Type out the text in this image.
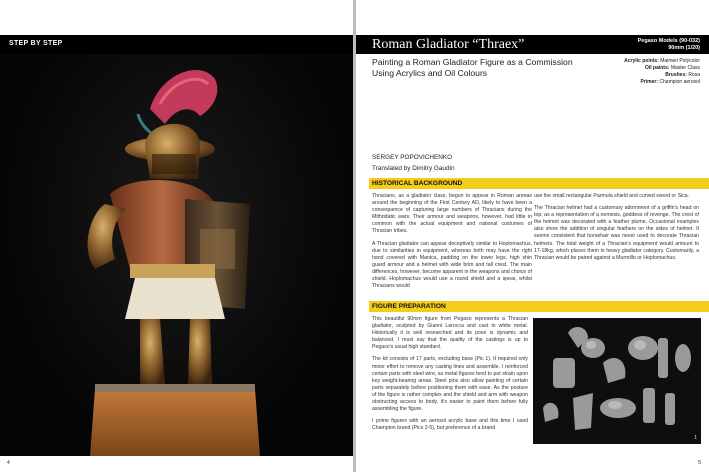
STEP BY STEP
4
Roman Gladiator “Thraex”	Pegaso Models (90-032)
90mm (1/20)
Painting a Roman Gladiator Figure as a Commission Using Acrylics and Oil Colours
Acrylic points: Maimeri Polycolor
Oil paints: Master Class
Brushes: Rosa
Primer: Champion aerosol
SERGEY POPOVICHENKO
Translated by Dimitry Gaudin
HISTORICAL BACKGROUND

Thracians, as a gladiator class, begun to appear in Roman arenas around the beginning of the First Century AD, likely to have been a consequence of capturing large numbers of Thracians during the Mithridatic wars. Their armour and weapons, however, had little in common with the actual equipment and national costumes of Thracian tribes.

A Thracian gladiator can appear deceptively similar to Hoplomachus, due to similarities in equipment, whereas both may have the right hand covered with Manica, padding on the lower legs, high shin guard armour and a helmet with wide brim and tall crest. The main differences, however, become apparent in the weapons and choice of shield. Hoplomachus would use a round shield and a spear, whilst Thracians would

use the small rectangular Parmula shield and curved sword or Sica.

The Thracian helmet had a customary adornment of a griffin's head on top, as a representation of a nemesis, goddess of revenge. The crest of the helmet was decorated with a feather plume. Occasional examples also show the addition of singular feathers on the sides of helmet. It seems consistent that horsehair was never used to decorate Thracian helmets. The total weight of a Thracian's equipment would amount to 17-18kg, which places them in heavy gladiator category. Customarily, a Thracian would be paired against a Murmillo or Hoplomachus.

FIGURE PREPARATION

This beautiful 90mm figure from Pegaso represents a Thracian gladiator, sculpted by Gianni Larocca and cast in white metal. Historically it is well researched and its pose is dynamic and balanced. I must say that the quality of the castings is up to Pegaso's usual high standard.

The kit consists of 17 parts, excluding base (Pic 1). It required only minor effort to remove any casting lines and assemble. I reinforced certain parts with steel wire, as metal figures tend to put strain upon key weight-bearing areas. Steel pins also allow painting of certain parts separately before positioning them with ease. As the posture of the figure is rather complex and the shield and arm with weapon obstructing access to body, it's easier to paint them before fully assembling the figure.

I prime figures with an aerosol acrylic base and this time I used Champion brand (Pics 2-5), but preference of a brand

1
5
